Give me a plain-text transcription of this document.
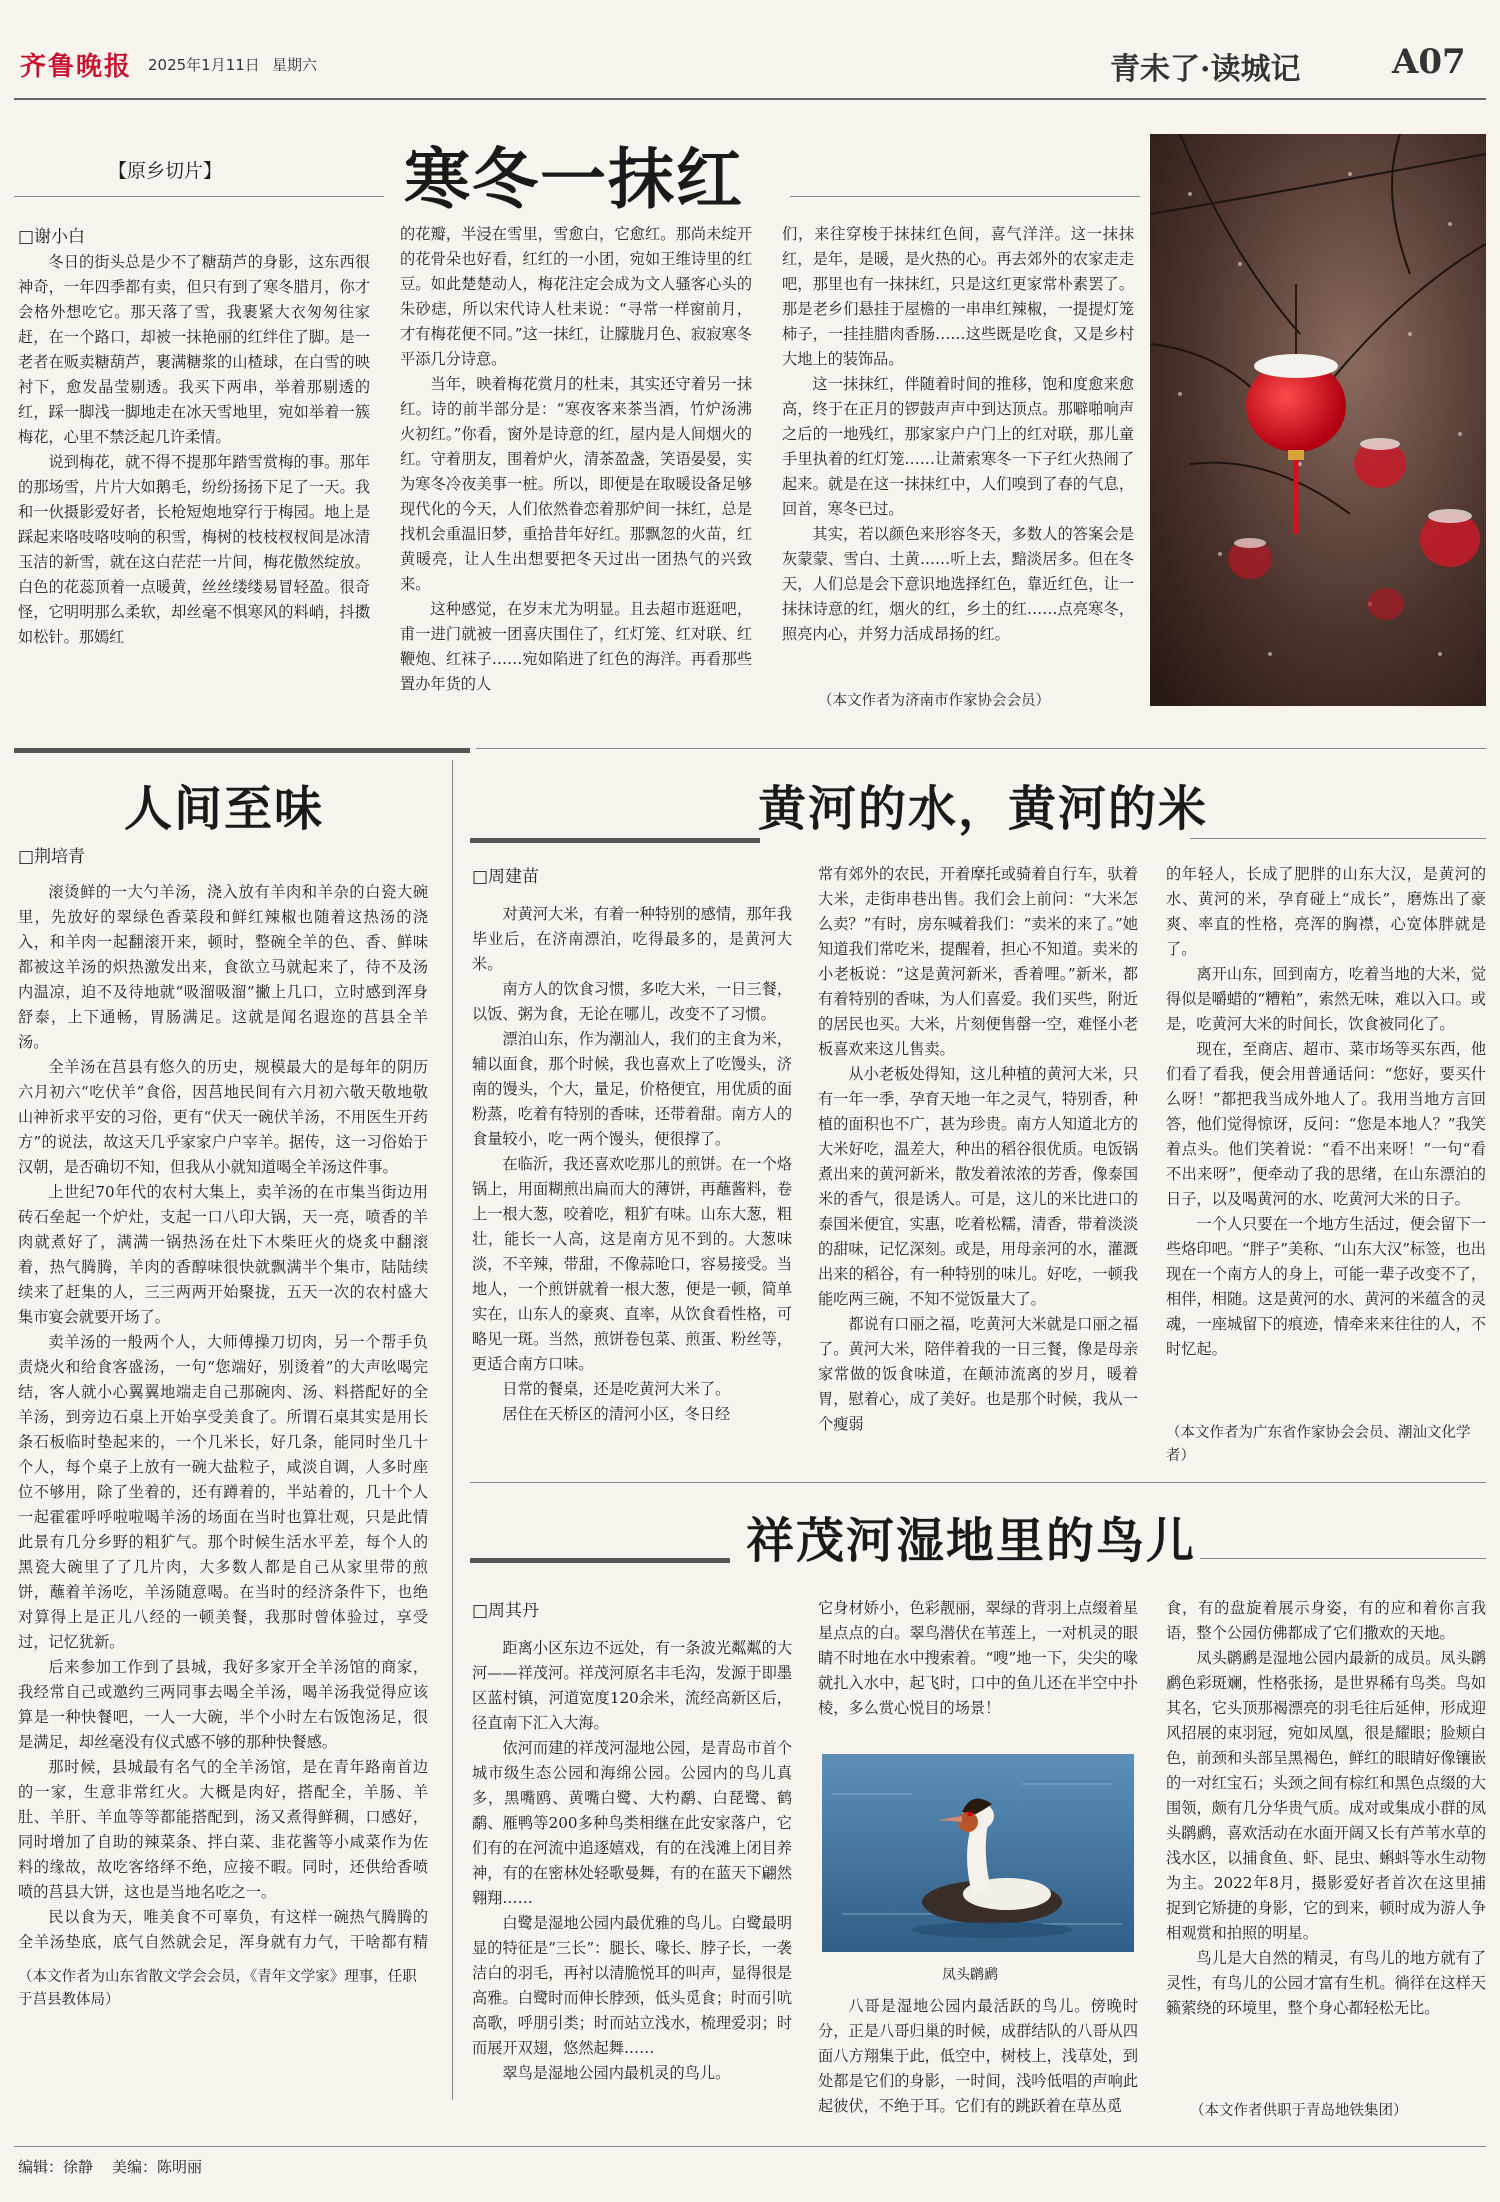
齐鲁晚报 2025年1月11日 星期六	青未了·读城记	A07
【原乡切片】	寒冬一抹红
□谢小白

冬日的街头总是少不了糖葫芦的身影，这东西很神奇，一年四季都有卖，但只有到了寒冬腊月，你才会格外想吃它。那天落了雪，我裹紧大衣匆匆往家赶，在一个路口，却被一抹艳丽的红绊住了脚。是一老者在贩卖糖葫芦，裹满糖浆的山楂球，在白雪的映衬下，愈发晶莹剔透。我买下两串，举着那剔透的红，踩一脚浅一脚地走在冰天雪地里，宛如举着一簇梅花，心里不禁泛起几许柔情。

说到梅花，就不得不提那年踏雪赏梅的事。那年的那场雪，片片大如鹅毛，纷纷扬扬下足了一天。我和一伙摄影爱好者，长枪短炮地穿行于梅园。地上是踩起来咯吱咯吱响的积雪，梅树的枝枝杈杈间是冰清玉洁的新雪，就在这白茫茫一片间，梅花傲然绽放。白色的花蕊顶着一点暖黄，丝丝缕缕易冒轻盈。很奇怪，它明明那么柔软，却丝毫不惧寒风的料峭，抖擞如松针。那嫣红

的花瓣，半浸在雪里，雪愈白，它愈红。那尚未绽开的花骨朵也好看，红红的一小团，宛如王维诗里的红豆。如此楚楚动人，梅花注定会成为文人骚客心头的朱砂痣，所以宋代诗人杜耒说：“寻常一样窗前月，才有梅花便不同。”这一抹红，让朦胧月色、寂寂寒冬平添几分诗意。

当年，映着梅花赏月的杜耒，其实还守着另一抹红。诗的前半部分是：“寒夜客来茶当酒，竹炉汤沸火初红。”你看，窗外是诗意的红，屋内是人间烟火的红。守着朋友，围着炉火，清茶盈盏，笑语晏晏，实为寒冬冷夜美事一桩。所以，即便是在取暖设备足够现代化的今天，人们依然眷恋着那炉间一抹红，总是找机会重温旧梦，重拾昔年好红。那飘忽的火苗，红黄暖亮，让人生出想要把冬天过出一团热气的兴致来。

这种感觉，在岁末尤为明显。且去超市逛逛吧，甫一进门就被一团喜庆围住了，红灯笼、红对联、红鞭炮、红袜子……宛如陷进了红色的海洋。再看那些置办年货的人

们，来往穿梭于抹抹红色间，喜气洋洋。这一抹抹红，是年，是暖，是火热的心。再去郊外的农家走走吧，那里也有一抹抹红，只是这红更家常朴素罢了。那是老乡们悬挂于屋檐的一串串红辣椒，一提提灯笼柿子，一挂挂腊肉香肠……这些既是吃食，又是乡村大地上的装饰品。

这一抹抹红，伴随着时间的推移，饱和度愈来愈高，终于在正月的锣鼓声声中到达顶点。那噼啪响声之后的一地残红，那家家户户门上的红对联，那儿童手里执着的红灯笼……让萧索寒冬一下子红火热闹了起来。就是在这一抹抹红中，人们嗅到了春的气息，回首，寒冬已过。

其实，若以颜色来形容冬天，多数人的答案会是灰蒙蒙、雪白、土黄……听上去，黯淡居多。但在冬天，人们总是会下意识地选择红色，靠近红色，让一抹抹诗意的红，烟火的红，乡土的红……点亮寒冬，照亮内心，并努力活成昂扬的红。

（本文作者为济南市作家协会会员）
人间至味
□荆培青

滚烫鲜的一大勺羊汤，浇入放有羊肉和羊杂的白瓷大碗里，先放好的翠绿色香菜段和鲜红辣椒也随着这热汤的浇入，和羊肉一起翻滚开来，顿时，整碗全羊的色、香、鲜味都被这羊汤的炽热激发出来，食欲立马就起来了，待不及汤内温凉，迫不及待地就“吸溜吸溜”撇上几口，立时感到浑身舒泰，上下通畅，胃肠满足。这就是闻名遐迩的莒县全羊汤。

全羊汤在莒县有悠久的历史，规模最大的是每年的阴历六月初六“吃伏羊”食俗，因莒地民间有六月初六敬天敬地敬山神祈求平安的习俗，更有“伏天一碗伏羊汤，不用医生开药方”的说法，故这天几乎家家户户宰羊。据传，这一习俗始于汉朝，是否确切不知，但我从小就知道喝全羊汤这件事。

上世纪70年代的农村大集上，卖羊汤的在市集当街边用砖石垒起一个炉灶，支起一口八印大锅，天一亮，喷香的羊肉就煮好了，满满一锅热汤在灶下木柴旺火的烧炙中翻滚着，热气腾腾，羊肉的香醇味很快就飘满半个集市，陆陆续续来了赶集的人，三三两两开始聚拢，五天一次的农村盛大集市宴会就要开场了。

卖羊汤的一般两个人，大师傅操刀切肉，另一个帮手负责烧火和给食客盛汤，一句“您端好，别烫着”的大声吆喝完结，客人就小心翼翼地端走自己那碗肉、汤、料搭配好的全羊汤，到旁边石桌上开始享受美食了。所谓石桌其实是用长条石板临时垫起来的，一个几米长，好几条，能同时坐几十个人，每个桌子上放有一碗大盐粒子，咸淡自调，人多时座位不够用，除了坐着的，还有蹲着的，半站着的，几十个人一起霍霍呼呼啦啦喝羊汤的场面在当时也算壮观，只是此情此景有几分乡野的粗犷气。那个时候生活水平差，每个人的黑瓷大碗里了了几片肉，大多数人都是自己从家里带的煎饼，蘸着羊汤吃，羊汤随意喝。在当时的经济条件下，也绝对算得上是正儿八经的一顿美餐，我那时曾体验过，享受过，记忆犹新。

后来参加工作到了县城，我好多家开全羊汤馆的商家，我经常自己或邀约三两同事去喝全羊汤，喝羊汤我觉得应该算是一种快餐吧，一人一大碗，半个小时左右饭饱汤足，很是满足，却丝毫没有仪式感不够的那种快餐感。

那时候，县城最有名气的全羊汤馆，是在青年路南首边的一家，生意非常红火。大概是肉好，搭配全，羊肠、羊肚、羊肝、羊血等等都能搭配到，汤又煮得鲜稠，口感好，同时增加了自助的辣菜条、拌白菜、韭花酱等小咸菜作为佐料的缘故，故吃客络绎不绝，应接不暇。同时，还供给香喷喷的莒县大饼，这也是当地名吃之一。

民以食为天，唯美食不可辜负，有这样一碗热气腾腾的全羊汤垫底，底气自然就会足，浑身就有力气，干啥都有精

（本文作者为山东省散文学会会员，《青年文学家》理事，任职于莒县教体局）
黄河的水，黄河的米
□周建苗

对黄河大米，有着一种特别的感情，那年我毕业后，在济南漂泊，吃得最多的，是黄河大米。

南方人的饮食习惯，多吃大米，一日三餐，以饭、粥为食，无论在哪儿，改变不了习惯。

漂泊山东，作为潮汕人，我们的主食为米，辅以面食，那个时候，我也喜欢上了吃馒头，济南的馒头，个大，量足，价格便宜，用优质的面粉蒸，吃着有特别的香味，还带着甜。南方人的食量较小，吃一两个馒头，便很撑了。

在临沂，我还喜欢吃那儿的煎饼。在一个烙锅上，用面糊煎出扁而大的薄饼，再蘸酱料，卷上一根大葱，咬着吃，粗犷有味。山东大葱，粗壮，能长一人高，这是南方见不到的。大葱味淡，不辛辣，带甜，不像蒜呛口，容易接受。当地人，一个煎饼就着一根大葱，便是一顿，简单实在，山东人的豪爽、直率，从饮食看性格，可略见一斑。当然，煎饼卷包菜、煎蛋、粉丝等，更适合南方口味。

日常的餐桌，还是吃黄河大米了。

居住在天桥区的清河小区，冬日经

常有郊外的农民，开着摩托或骑着自行车，驮着大米，走街串巷出售。我们会上前问：“大米怎么卖？”有时，房东喊着我们：“卖米的来了。”她知道我们常吃米，提醒着，担心不知道。卖米的小老板说：“这是黄河新米，香着哩。”新米，都有着特别的香味，为人们喜爱。我们买些，附近的居民也买。大米，片刻便售罄一空，难怪小老板喜欢来这儿售卖。

从小老板处得知，这儿种植的黄河大米，只有一年一季，孕育天地一年之灵气，特别香，种植的面积也不广，甚为珍贵。南方人知道北方的大米好吃，温差大，种出的稻谷很优质。电饭锅煮出来的黄河新米，散发着浓浓的芳香，像泰国米的香气，很是诱人。可是，这儿的米比进口的泰国米便宜，实惠，吃着松糯，清香，带着淡淡的甜味，记忆深刻。或是，用母亲河的水，灌溉出来的稻谷，有一种特别的味儿。好吃，一顿我能吃两三碗，不知不觉饭量大了。

都说有口丽之福，吃黄河大米就是口丽之福了。黄河大米，陪伴着我的一日三餐，像是母亲家常做的饭食味道，在颠沛流离的岁月，暖着胃，慰着心，成了美好。也是那个时候，我从一个瘦弱

的年轻人，长成了肥胖的山东大汉，是黄河的水、黄河的米，孕育碰上“成长”，磨炼出了豪爽、率直的性格，亮浑的胸襟，心宽体胖就是了。

离开山东，回到南方，吃着当地的大米，觉得似是嚼蜡的“糟粕”，索然无味，难以入口。或是，吃黄河大米的时间长，饮食被同化了。

现在，至商店、超市、菜市场等买东西，他们看了看我，便会用普通话问：“您好，要买什么呀！”都把我当成外地人了。我用当地方言回答，他们觉得惊讶，反问：“您是本地人？”我笑着点头。他们笑着说：“看不出来呀！”一句“看不出来呀”，便牵动了我的思绪，在山东漂泊的日子，以及喝黄河的水、吃黄河大米的日子。

一个人只要在一个地方生活过，便会留下一些烙印吧。“胖子”美称、“山东大汉”标签，也出现在一个南方人的身上，可能一辈子改变不了，相伴，相随。这是黄河的水、黄河的米蕴含的灵魂，一座城留下的痕迹，情牵来来往往的人，不时忆起。

（本文作者为广东省作家协会会员、潮汕文化学者）
祥茂河湿地里的鸟儿
□周其丹

距离小区东边不远处，有一条波光粼粼的大河——祥茂河。祥茂河原名丰毛沟，发源于即墨区蓝村镇，河道宽度120余米，流经高新区后，径直南下汇入大海。

依河而建的祥茂河湿地公园，是青岛市首个城市级生态公园和海绵公园。公园内的鸟儿真多，黑嘴鸥、黄嘴白鹭、大杓鹬、白琵鹭、鹤鹬、雁鸭等200多种鸟类相继在此安家落户，它们有的在河流中追逐嬉戏，有的在浅滩上闭目养神，有的在密林处轻歌曼舞，有的在蓝天下翩然翱翔……

白鹭是湿地公园内最优雅的鸟儿。白鹭最明显的特征是“三长”：腿长、喙长、脖子长，一袭洁白的羽毛，再衬以清脆悦耳的叫声，显得很是高雅。白鹭时而伸长脖颈，低头觅食；时而引吭高歌，呼朋引类；时而站立浅水，梳理爱羽；时而展开双翅，悠然起舞……

翠鸟是湿地公园内最机灵的鸟儿。

它身材娇小，色彩靓丽，翠绿的背羽上点缀着星星点点的白。翠鸟潜伏在苇莲上，一对机灵的眼睛不时地在水中搜索着。“嗖”地一下，尖尖的喙就扎入水中，起飞时，口中的鱼儿还在半空中扑棱，多么赏心悦目的场景！

凤头䴙䴘

八哥是湿地公园内最活跃的鸟儿。傍晚时分，正是八哥归巢的时候，成群结队的八哥从四面八方翔集于此，低空中，树枝上，浅草处，到处都是它们的身影，一时间，浅吟低唱的声响此起彼伏，不绝于耳。它们有的跳跃着在草丛觅

食，有的盘旋着展示身姿，有的应和着你言我语，整个公园仿佛都成了它们撒欢的天地。

凤头䴙䴘是湿地公园内最新的成员。凤头䴙䴘色彩斑斓，性格张扬，是世界稀有鸟类。鸟如其名，它头顶那褐漂亮的羽毛往后延伸，形成迎风招展的束羽冠，宛如凤凰，很是耀眼；脸颊白色，前颈和头部呈黑褐色，鲜红的眼睛好像镶嵌的一对红宝石；头颈之间有棕红和黑色点缀的大围领，颇有几分华贵气质。成对或集成小群的凤头䴙䴘，喜欢活动在水面开阔又长有芦苇水草的浅水区，以捕食鱼、虾、昆虫、蝌蚪等水生动物为主。2022年8月，摄影爱好者首次在这里捕捉到它矫捷的身影，它的到来，顿时成为游人争相观赏和拍照的明星。

鸟儿是大自然的精灵，有鸟儿的地方就有了灵性，有鸟儿的公园才富有生机。徜徉在这样天籁萦绕的环境里，整个身心都轻松无比。

（本文作者供职于青岛地铁集团）
编辑：徐静 美编：陈明丽
